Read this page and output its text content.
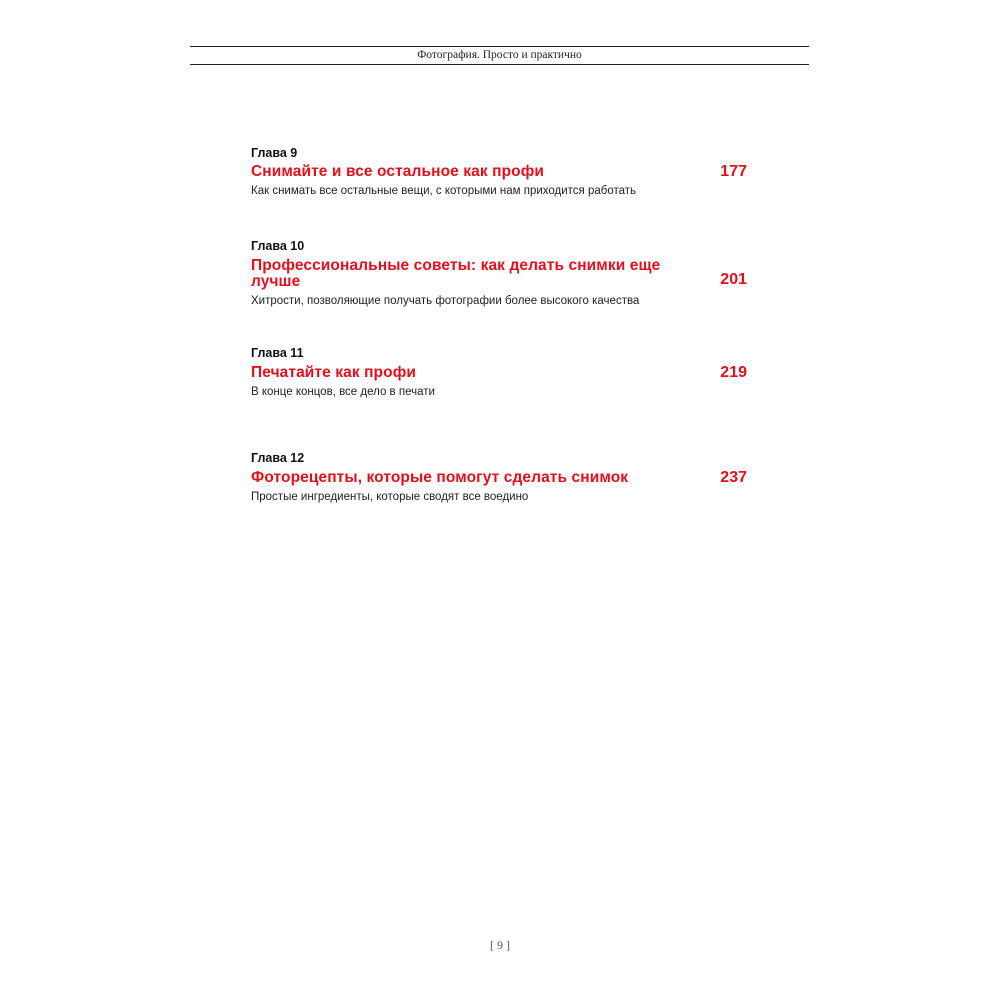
Фотография. Просто и практично
Глава 9
Снимайте и все остальное как профи	177
Как снимать все остальные вещи, с которыми нам приходится работать
Глава 10
Профессиональные советы: как делать снимки еще лучше	201
Хитрости, позволяющие получать фотографии более высокого качества
Глава 11
Печатайте как профи	219
В конце концов, все дело в печати
Глава 12
Фоторецепты, которые помогут сделать снимок	237
Простые ингредиенты, которые сводят все воедино
[ 9 ]
